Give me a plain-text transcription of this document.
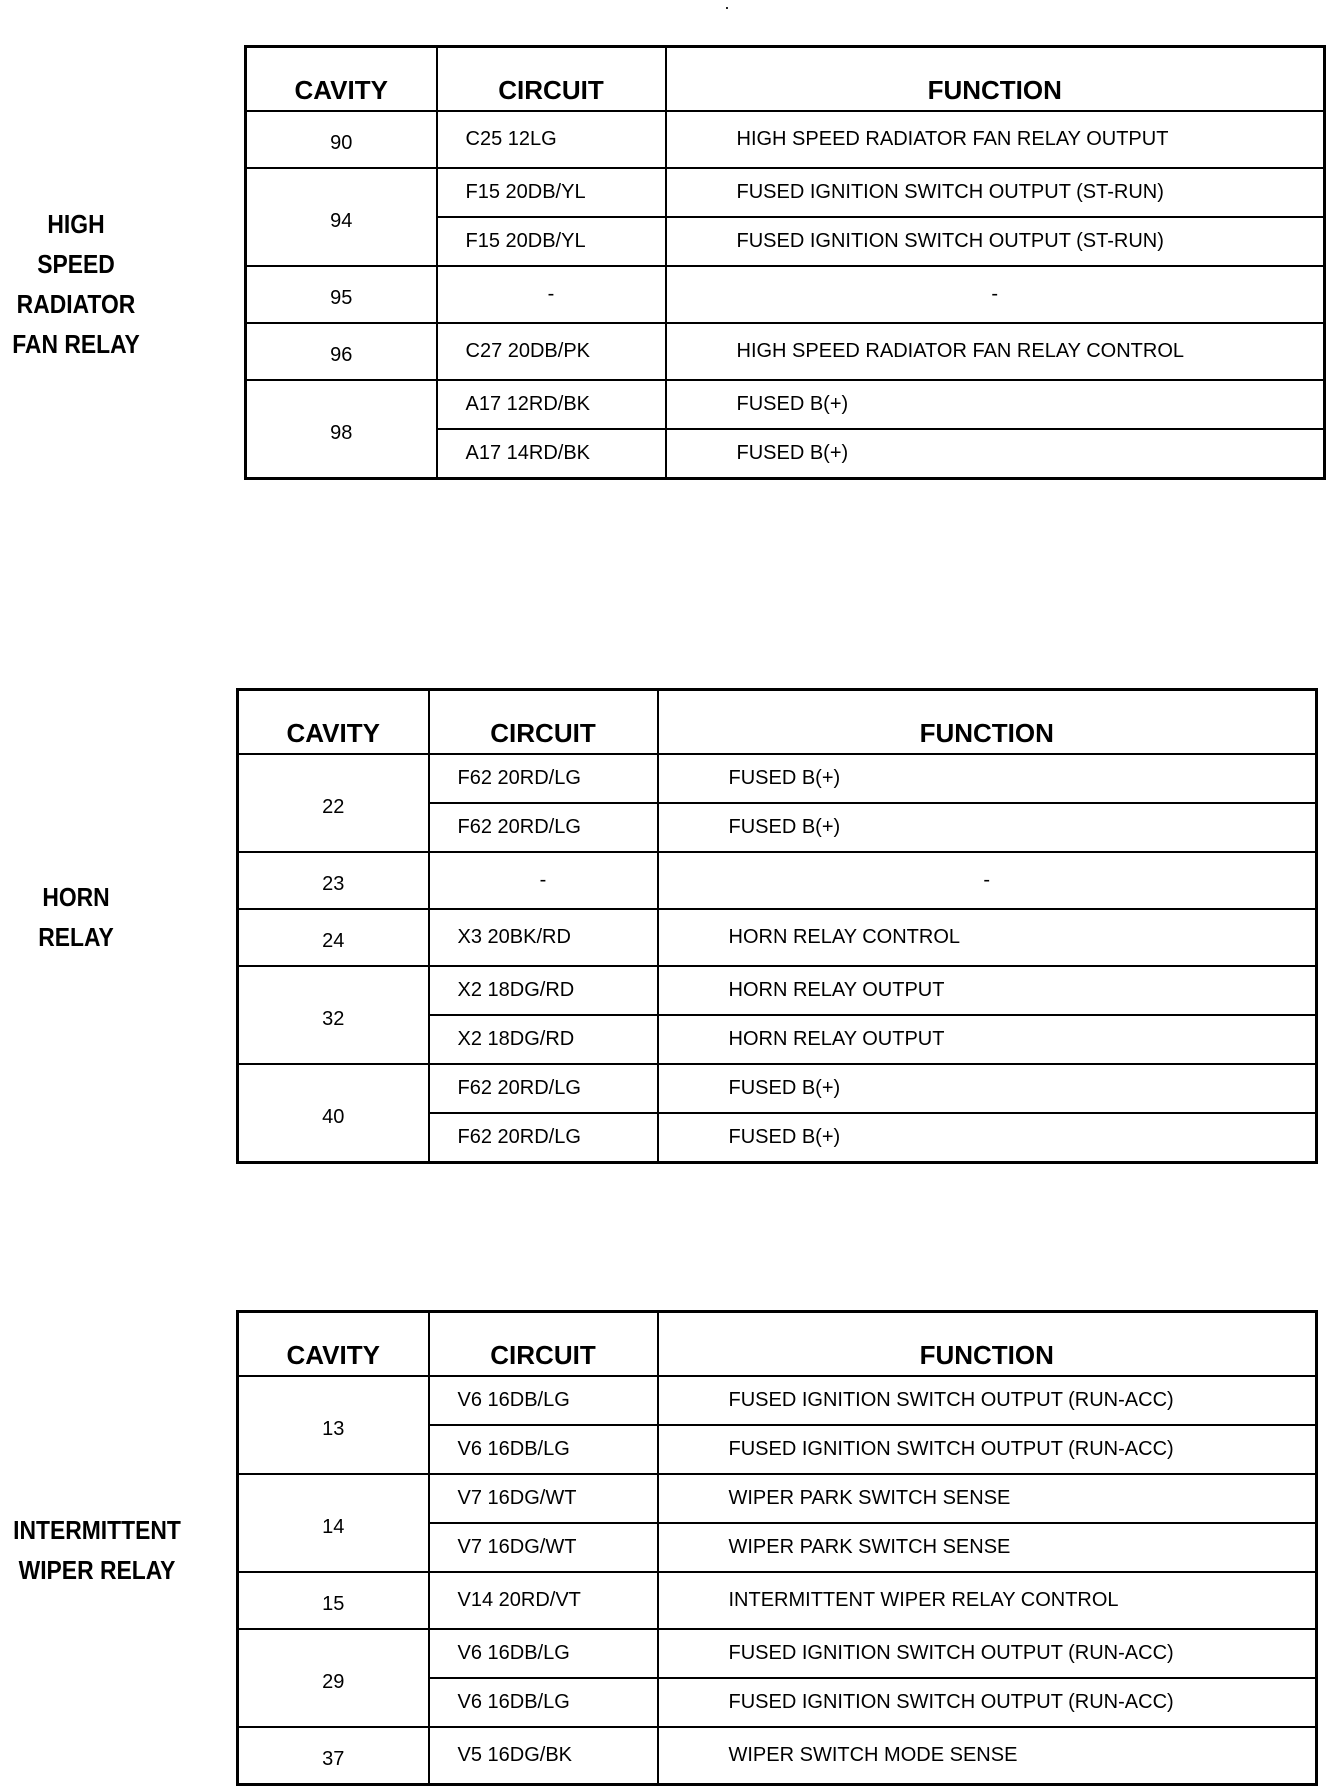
·
HIGH SPEED
RADIATOR
FAN RELAY
CAVITY	CIRCUIT	FUNCTION
90	C25 12LG	HIGH SPEED RADIATOR FAN RELAY OUTPUT
94	F15 20DB/YL	FUSED IGNITION SWITCH OUTPUT (ST-RUN)
	F15 20DB/YL	FUSED IGNITION SWITCH OUTPUT (ST-RUN)
95	-	-
96	C27 20DB/PK	HIGH SPEED RADIATOR FAN RELAY CONTROL
98	A17 12RD/BK	FUSED B(+)
	A17 14RD/BK	FUSED B(+)
HORN
RELAY
CAVITY	CIRCUIT	FUNCTION
22	F62 20RD/LG	FUSED B(+)
	F62 20RD/LG	FUSED B(+)
23	-	-
24	X3 20BK/RD	HORN RELAY CONTROL
32	X2 18DG/RD	HORN RELAY OUTPUT
	X2 18DG/RD	HORN RELAY OUTPUT
40	F62 20RD/LG	FUSED B(+)
	F62 20RD/LG	FUSED B(+)
INTERMITTENT
WIPER RELAY
CAVITY	CIRCUIT	FUNCTION
13	V6 16DB/LG	FUSED IGNITION SWITCH OUTPUT (RUN-ACC)
	V6 16DB/LG	FUSED IGNITION SWITCH OUTPUT (RUN-ACC)
14	V7 16DG/WT	WIPER PARK SWITCH SENSE
	V7 16DG/WT	WIPER PARK SWITCH SENSE
15	V14 20RD/VT	INTERMITTENT WIPER RELAY CONTROL
29	V6 16DB/LG	FUSED IGNITION SWITCH OUTPUT (RUN-ACC)
	V6 16DB/LG	FUSED IGNITION SWITCH OUTPUT (RUN-ACC)
37	V5 16DG/BK	WIPER SWITCH MODE SENSE
